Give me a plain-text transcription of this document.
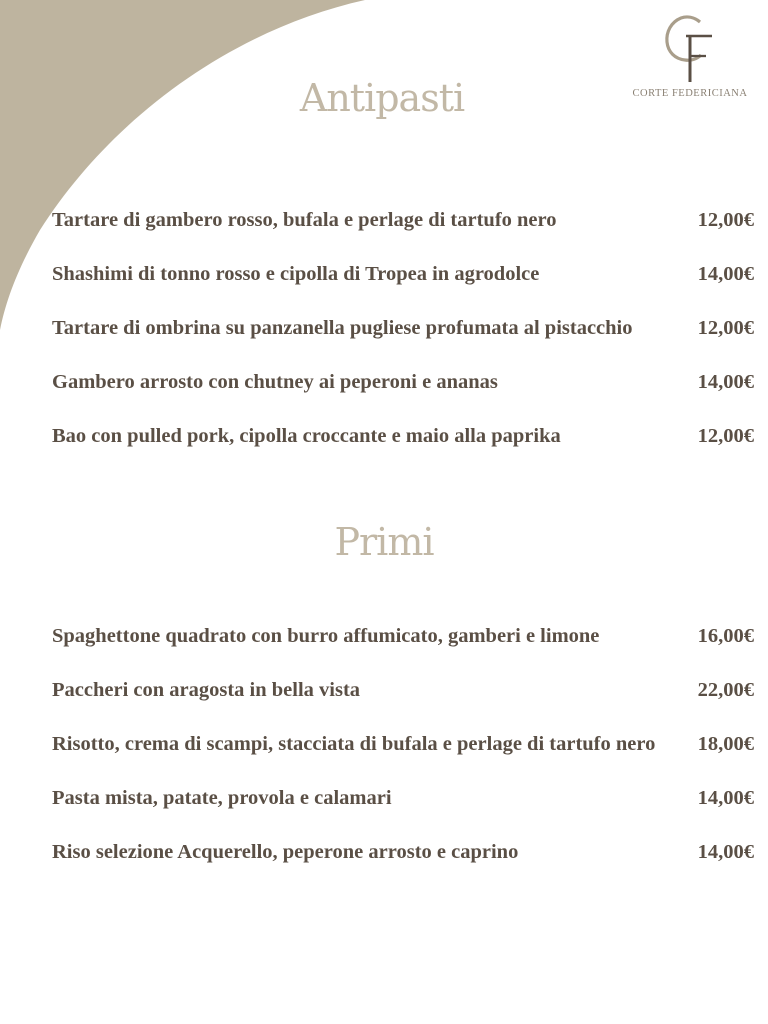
CORTE FEDERICIANA
Antipasti
Tartare di gambero rosso, bufala e perlage di tartufo nero	12,00€
Shashimi di tonno rosso e cipolla di Tropea in agrodolce	14,00€
Tartare di ombrina su panzanella pugliese profumata al pistacchio	12,00€
Gambero arrosto con chutney ai peperoni e ananas	14,00€
Bao con pulled pork, cipolla croccante e maio alla paprika	12,00€
Primi
Spaghettone quadrato con burro affumicato, gamberi e limone	16,00€
Paccheri con aragosta in bella vista	22,00€
Risotto, crema di scampi, stacciata di bufala e perlage di tartufo nero	18,00€
Pasta mista, patate, provola e calamari	14,00€
Riso selezione Acquerello, peperone arrosto e caprino	14,00€
